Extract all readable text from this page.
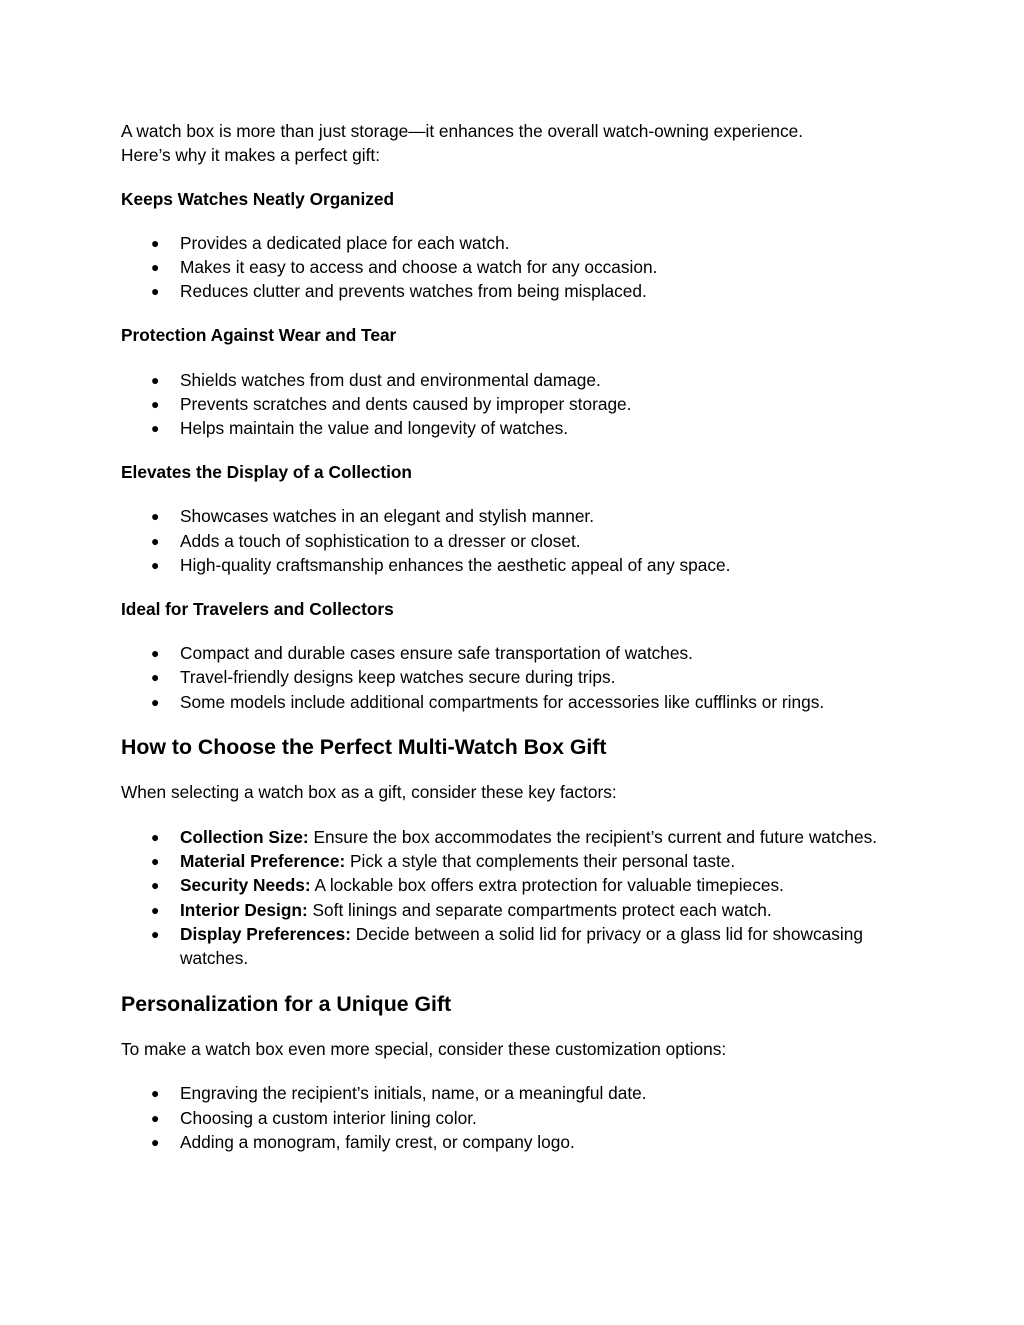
A watch box is more than just storage—it enhances the overall watch-owning experience.
Here’s why it makes a perfect gift:

Keeps Watches Neatly Organized
● Provides a dedicated place for each watch.
● Makes it easy to access and choose a watch for any occasion.
● Reduces clutter and prevents watches from being misplaced.
Protection Against Wear and Tear
● Shields watches from dust and environmental damage.
● Prevents scratches and dents caused by improper storage.
● Helps maintain the value and longevity of watches.
Elevates the Display of a Collection
● Showcases watches in an elegant and stylish manner.
● Adds a touch of sophistication to a dresser or closet.
● High-quality craftsmanship enhances the aesthetic appeal of any space.
Ideal for Travelers and Collectors
● Compact and durable cases ensure safe transportation of watches.
● Travel-friendly designs keep watches secure during trips.
● Some models include additional compartments for accessories like cufflinks or rings.
How to Choose the Perfect Multi-Watch Box Gift

When selecting a watch box as a gift, consider these key factors:

● Collection Size: Ensure the box accommodates the recipient’s current and future watches.
● Material Preference: Pick a style that complements their personal taste.
● Security Needs: A lockable box offers extra protection for valuable timepieces.
● Interior Design: Soft linings and separate compartments protect each watch.
● Display Preferences: Decide between a solid lid for privacy or a glass lid for showcasing watches.
Personalization for a Unique Gift

To make a watch box even more special, consider these customization options:

● Engraving the recipient’s initials, name, or a meaningful date.
● Choosing a custom interior lining color.
● Adding a monogram, family crest, or company logo.
